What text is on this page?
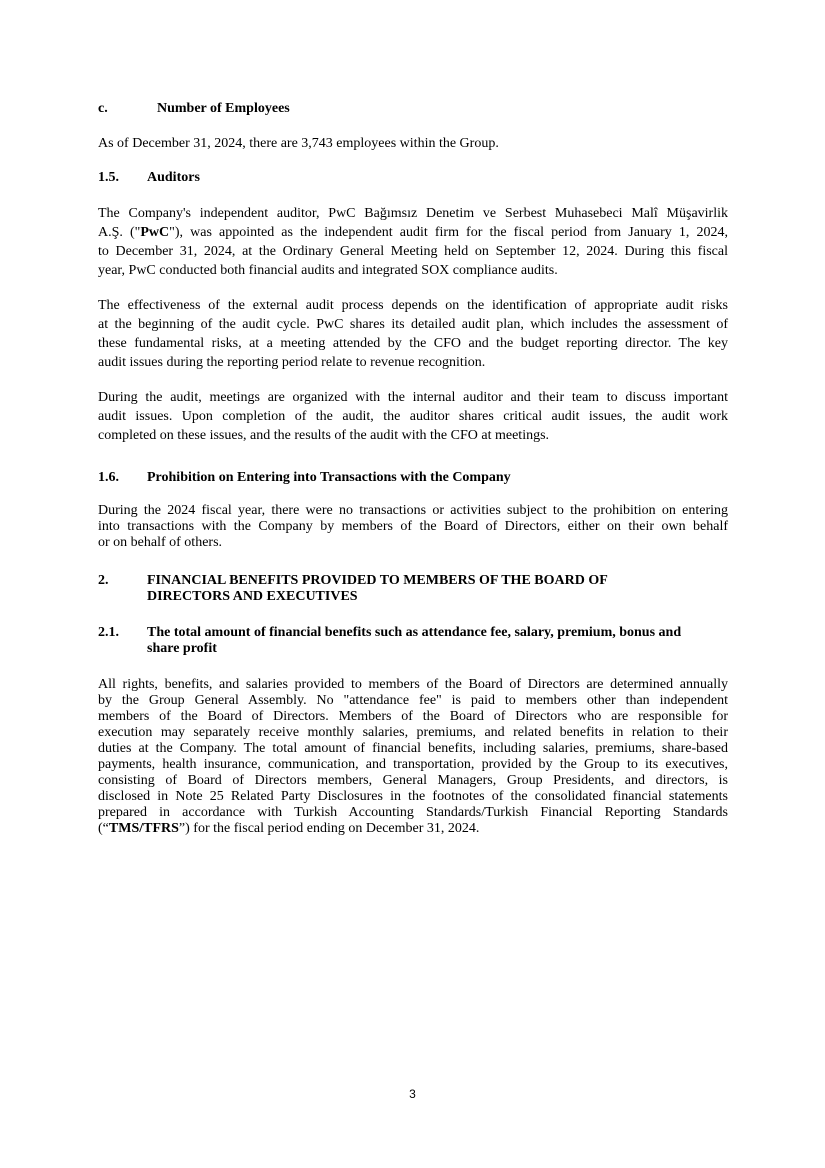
c.	Number of Employees
As of December 31, 2024, there are 3,743 employees within the Group.
1.5. Auditors
The Company's independent auditor, PwC Bağımsız Denetim ve Serbest Muhasebeci Malî Müşavirlik
A.Ş. ("PwC"), was appointed as the independent audit firm for the fiscal period from January 1, 2024,
to December 31, 2024, at the Ordinary General Meeting held on September 12, 2024. During this fiscal
year, PwC conducted both financial audits and integrated SOX compliance audits.
The effectiveness of the external audit process depends on the identification of appropriate audit risks
at the beginning of the audit cycle. PwC shares its detailed audit plan, which includes the assessment of
these fundamental risks, at a meeting attended by the CFO and the budget reporting director. The key
audit issues during the reporting period relate to revenue recognition.
During the audit, meetings are organized with the internal auditor and their team to discuss important
audit issues. Upon completion of the audit, the auditor shares critical audit issues, the audit work
completed on these issues, and the results of the audit with the CFO at meetings.
1.6. Prohibition on Entering into Transactions with the Company
During the 2024 fiscal year, there were no transactions or activities subject to the prohibition on entering
into transactions with the Company by members of the Board of Directors, either on their own behalf
or on behalf of others.
2.	FINANCIAL BENEFITS PROVIDED TO MEMBERS OF THE BOARD OF
DIRECTORS AND EXECUTIVES
2.1. The total amount of financial benefits such as attendance fee, salary, premium, bonus and
share profit
All rights, benefits, and salaries provided to members of the Board of Directors are determined annually
by the Group General Assembly. No "attendance fee" is paid to members other than independent
members of the Board of Directors. Members of the Board of Directors who are responsible for
execution may separately receive monthly salaries, premiums, and related benefits in relation to their
duties at the Company. The total amount of financial benefits, including salaries, premiums, share-based
payments, health insurance, communication, and transportation, provided by the Group to its executives,
consisting of Board of Directors members, General Managers, Group Presidents, and directors, is
disclosed in Note 25 Related Party Disclosures in the footnotes of the consolidated financial statements
prepared in accordance with Turkish Accounting Standards/Turkish Financial Reporting Standards
(“TMS/TFRS”) for the fiscal period ending on December 31, 2024.
3
